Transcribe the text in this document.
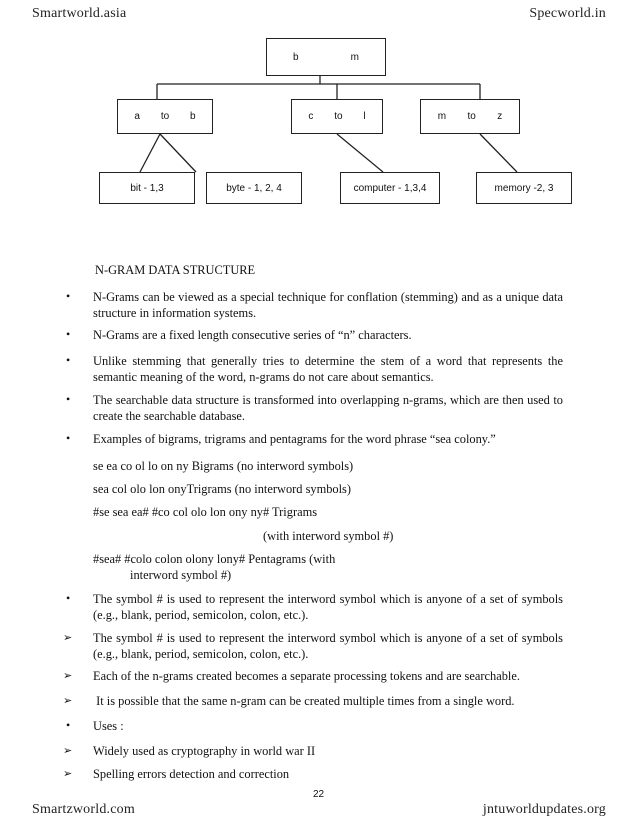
Smartworld.asia	Specworld.in
b	m
a to b	c to l	m to z
bit - 1,3	byte - 1, 2, 4	computer - 1,3,4	memory -2, 3
N-GRAM DATA STRUCTURE
• N-Grams can be viewed as a special technique for conflation (stemming) and as a unique data structure in information systems.
• N-Grams are a fixed length consecutive series of “n” characters.
• Unlike stemming that generally tries to determine the stem of a word that represents the semantic meaning of the word, n-grams do not care about semantics.
• The searchable data structure is transformed into overlapping n-grams, which are then used to create the searchable database.
• Examples of bigrams, trigrams and pentagrams for the word phrase “sea colony.”
se ea co ol lo on ny Bigrams (no interword symbols)
sea col olo lon onyTrigrams (no interword symbols)
#se sea ea# #co col olo lon ony ny# Trigrams
(with interword symbol #)
#sea# #colo colon olony lony# Pentagrams (with
interword symbol #)
• The symbol # is used to represent the interword symbol which is anyone of a set of symbols (e.g., blank, period, semicolon, colon, etc.).
➢ The symbol # is used to represent the interword symbol which is anyone of a set of symbols (e.g., blank, period, semicolon, colon, etc.).
➢ Each of the n-grams created becomes a separate processing tokens and are searchable.
➢ It is possible that the same n-gram can be created multiple times from a single word.
• Uses :
➢ Widely used as cryptography in world war II
➢ Spelling errors detection and correction
22
Smartzworld.com	jntuworldupdates.org
